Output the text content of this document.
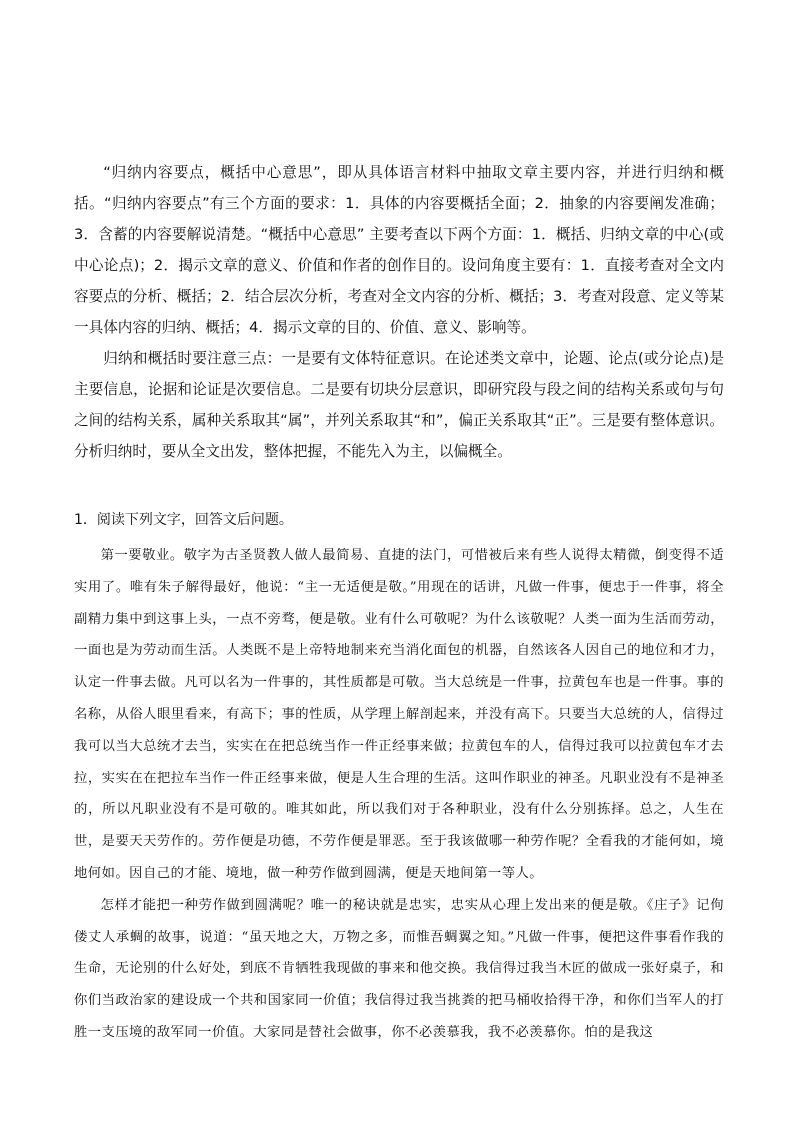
“归纳内容要点，概括中心意思”，即从具体语言材料中抽取文章主要内容，并进行归纳和概括。“归纳内容要点”有三个方面的要求：1．具体的内容要概括全面；2．抽象的内容要阐发准确；3．含蓄的内容要解说清楚。“概括中心意思” 主要考查以下两个方面：1．概括、归纳文章的中心(或中心论点)；2．揭示文章的意义、价值和作者的创作目的。设问角度主要有：1．直接考查对全文内容要点的分析、概括；2．结合层次分析，考查对全文内容的分析、概括；3．考查对段意、定义等某一具体内容的归纳、概括；4．揭示文章的目的、价值、意义、影响等。

归纳和概括时要注意三点：一是要有文体特征意识。在论述类文章中，论题、论点(或分论点)是主要信息，论据和论证是次要信息。二是要有切块分层意识，即研究段与段之间的结构关系或句与句之间的结构关系，属种关系取其“属”，并列关系取其“和”，偏正关系取其“正”。三是要有整体意识。分析归纳时，要从全文出发，整体把握，不能先入为主，以偏概全。

1．阅读下列文字，回答文后问题。

第一要敬业。敬字为古圣贤教人做人最简易、直捷的法门，可惜被后来有些人说得太精微，倒变得不适实用了。唯有朱子解得最好，他说：“主一无适便是敬。”用现在的话讲，凡做一件事，便忠于一件事，将全副精力集中到这事上头，一点不旁骛，便是敬。业有什么可敬呢？为什么该敬呢？人类一面为生活而劳动，一面也是为劳动而生活。人类既不是上帝特地制来充当消化面包的机器，自然该各人因自己的地位和才力，认定一件事去做。凡可以名为一件事的，其性质都是可敬。当大总统是一件事，拉黄包车也是一件事。事的名称，从俗人眼里看来，有高下；事的性质，从学理上解剖起来，并没有高下。只要当大总统的人，信得过我可以当大总统才去当，实实在在把总统当作一件正经事来做；拉黄包车的人，信得过我可以拉黄包车才去拉，实实在在把拉车当作一件正经事来做，便是人生合理的生活。这叫作职业的神圣。凡职业没有不是神圣的，所以凡职业没有不是可敬的。唯其如此，所以我们对于各种职业，没有什么分别拣择。总之，人生在世，是要天天劳作的。劳作便是功德，不劳作便是罪恶。至于我该做哪一种劳作呢？全看我的才能何如，境地何如。因自己的才能、境地，做一种劳作做到圆满，便是天地间第一等人。

怎样才能把一种劳作做到圆满呢？唯一的秘诀就是忠实，忠实从心理上发出来的便是敬。《庄子》记佝偻丈人承蜩的故事，说道：“虽天地之大，万物之多，而惟吾蜩翼之知。”凡做一件事，便把这件事看作我的生命，无论别的什么好处，到底不肯牺牲我现做的事来和他交换。我信得过我当木匠的做成一张好桌子，和你们当政治家的建设成一个共和国家同一价值；我信得过我当挑粪的把马桶收拾得干净，和你们当军人的打胜一支压境的敌军同一价值。大家同是替社会做事，你不必羡慕我，我不必羡慕你。怕的是我这
